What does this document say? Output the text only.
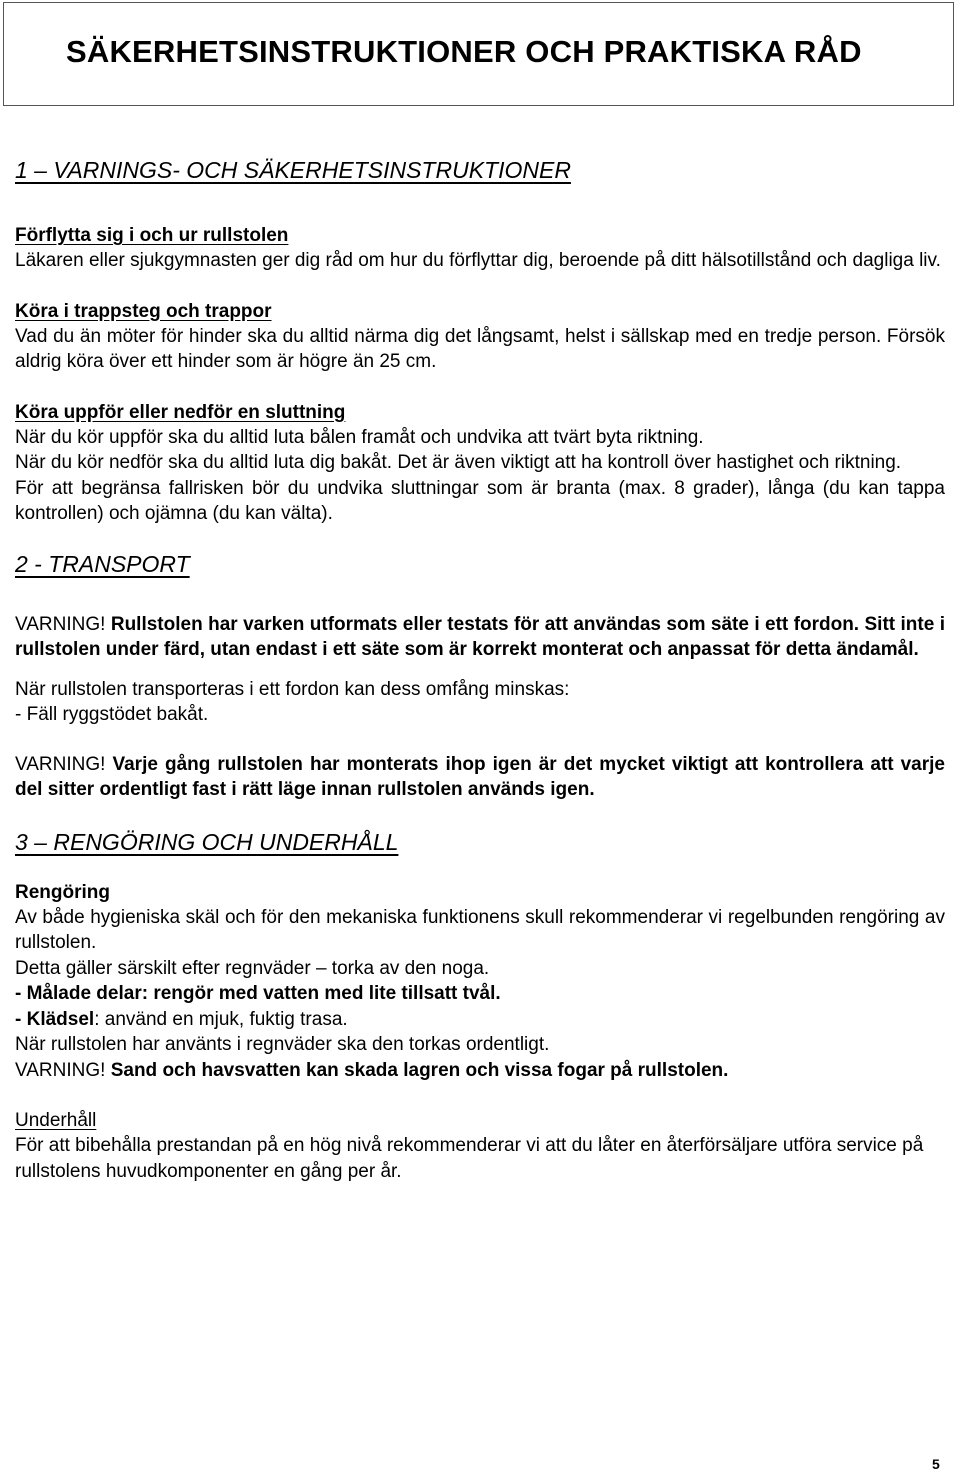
SÄKERHETSINSTRUKTIONER OCH PRAKTISKA RÅD
1 – VARNINGS- OCH SÄKERHETSINSTRUKTIONER
Förflytta sig i och ur rullstolen

Läkaren eller sjukgymnasten ger dig råd om hur du förflyttar dig, beroende på ditt hälsotillstånd och dagliga liv.

Köra i trappsteg och trappor

Vad du än möter för hinder ska du alltid närma dig det långsamt, helst i sällskap med en tredje person. Försök aldrig köra över ett hinder som är högre än 25 cm.

Köra uppför eller nedför en sluttning

När du kör uppför ska du alltid luta bålen framåt och undvika att tvärt byta riktning.

När du kör nedför ska du alltid luta dig bakåt. Det är även viktigt att ha kontroll över hastighet och riktning.

För att begränsa fallrisken bör du undvika sluttningar som är branta (max. 8 grader), långa (du kan tappa kontrollen) och ojämna (du kan välta).

2 - TRANSPORT

VARNING! Rullstolen har varken utformats eller testats för att användas som säte i ett fordon. Sitt inte i rullstolen under färd, utan endast i ett säte som är korrekt monterat och anpassat för detta ändamål.

När rullstolen transporteras i ett fordon kan dess omfång minskas:

- Fäll ryggstödet bakåt.

VARNING! Varje gång rullstolen har monterats ihop igen är det mycket viktigt att kontrollera att varje del sitter ordentligt fast i rätt läge innan rullstolen används igen.

3 – RENGÖRING OCH UNDERHÅLL
Rengöring

Av både hygieniska skäl och för den mekaniska funktionens skull rekommenderar vi regelbunden rengöring av rullstolen.

Detta gäller särskilt efter regnväder – torka av den noga.

- Målade delar: rengör med vatten med lite tillsatt tvål.

- Klädsel: använd en mjuk, fuktig trasa.

När rullstolen har använts i regnväder ska den torkas ordentligt.

VARNING! Sand och havsvatten kan skada lagren och vissa fogar på rullstolen.

Underhåll

För att bibehålla prestandan på en hög nivå rekommenderar vi att du låter en återförsäljare utföra service på rullstolens huvudkomponenter en gång per år.

5
